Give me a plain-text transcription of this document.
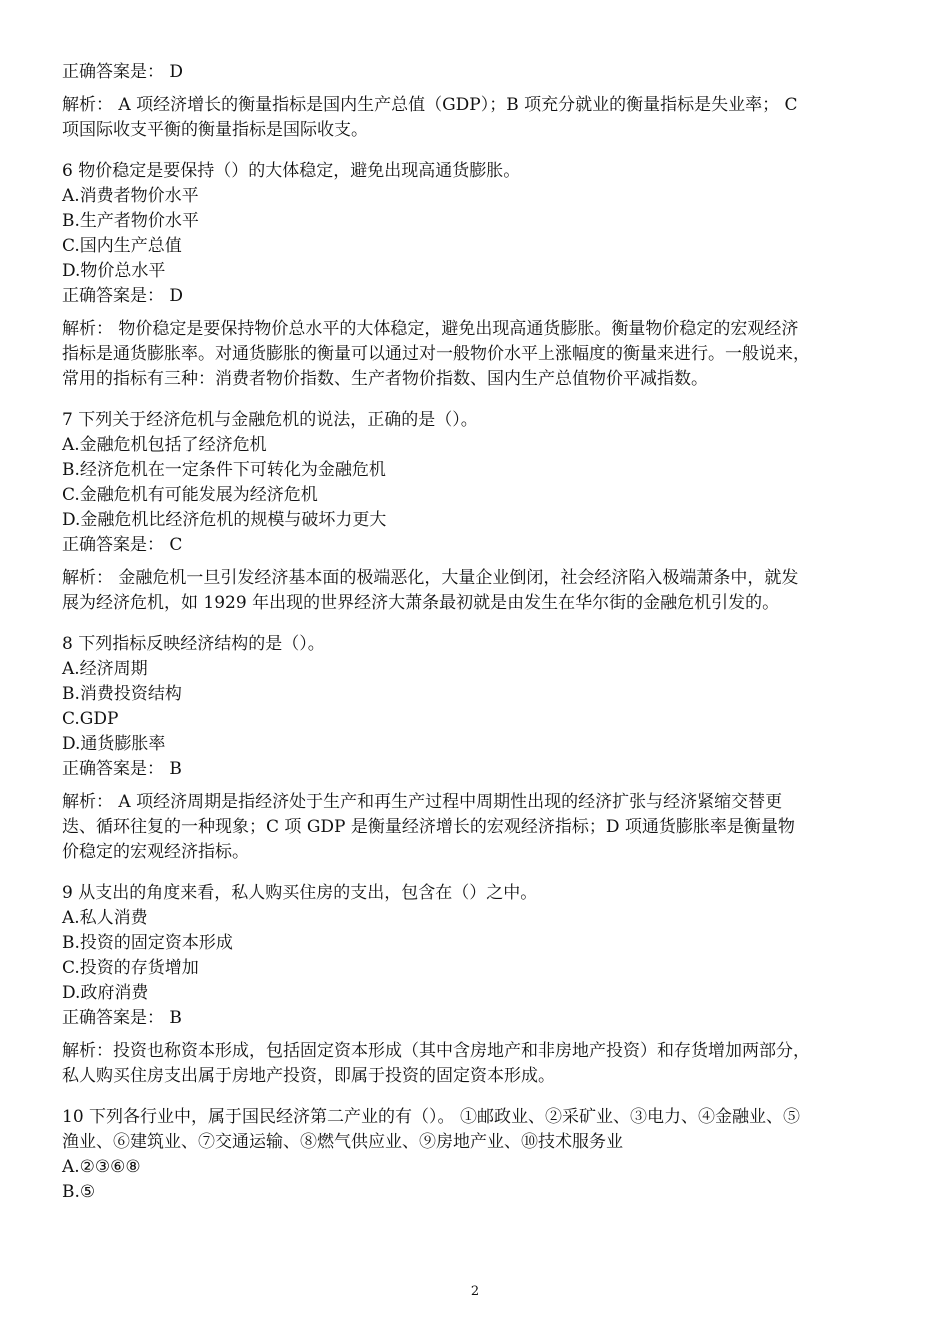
正确答案是： D
解析： A 项经济增长的衡量指标是国内生产总值（GDP）；B 项充分就业的衡量指标是失业率； C
项国际收支平衡的衡量指标是国际收支。
6 物价稳定是要保持（）的大体稳定，避免出现高通货膨胀。
A.消费者物价水平
B.生产者物价水平
C.国内生产总值
D.物价总水平
正确答案是： D
解析： 物价稳定是要保持物价总水平的大体稳定，避免出现高通货膨胀。衡量物价稳定的宏观经济
指标是通货膨胀率。对通货膨胀的衡量可以通过对一般物价水平上涨幅度的衡量来进行。一般说来，
常用的指标有三种：消费者物价指数、生产者物价指数、国内生产总值物价平减指数。
7 下列关于经济危机与金融危机的说法，正确的是（）。
A.金融危机包括了经济危机
B.经济危机在一定条件下可转化为金融危机
C.金融危机有可能发展为经济危机
D.金融危机比经济危机的规模与破坏力更大
正确答案是： C
解析： 金融危机一旦引发经济基本面的极端恶化，大量企业倒闭，社会经济陷入极端萧条中，就发
展为经济危机，如 1929 年出现的世界经济大萧条最初就是由发生在华尔街的金融危机引发的。
8 下列指标反映经济结构的是（）。
A.经济周期
B.消费投资结构
C.GDP
D.通货膨胀率
正确答案是： B
解析： A 项经济周期是指经济处于生产和再生产过程中周期性出现的经济扩张与经济紧缩交替更
迭、循环往复的一种现象；C 项 GDP 是衡量经济增长的宏观经济指标；D 项通货膨胀率是衡量物
价稳定的宏观经济指标。
9 从支出的角度来看，私人购买住房的支出，包含在（）之中。
A.私人消费
B.投资的固定资本形成
C.投资的存货增加
D.政府消费
正确答案是： B
解析：投资也称资本形成，包括固定资本形成（其中含房地产和非房地产投资）和存货增加两部分，
私人购买住房支出属于房地产投资，即属于投资的固定资本形成。
10 下列各行业中，属于国民经济第二产业的有（）。 ①邮政业、②采矿业、③电力、④金融业、⑤
渔业、⑥建筑业、⑦交通运输、⑧燃气供应业、⑨房地产业、⑩技术服务业
A.②③⑥⑧
B.⑤
2
